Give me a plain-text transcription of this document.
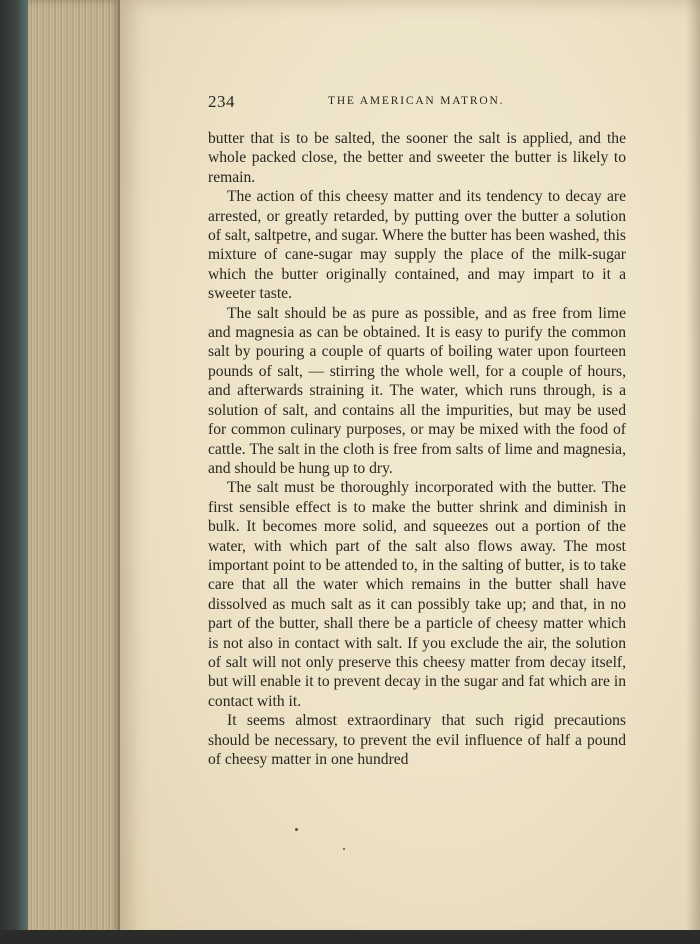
234	THE AMERICAN MATRON.

butter that is to be salted, the sooner the salt is applied, and the whole packed close, the better and sweeter the butter is likely to remain.

The action of this cheesy matter and its tendency to decay are arrested, or greatly retarded, by putting over the butter a solution of salt, saltpetre, and sugar. Where the butter has been washed, this mixture of cane-sugar may supply the place of the milk-sugar which the butter originally contained, and may impart to it a sweeter taste.

The salt should be as pure as possible, and as free from lime and magnesia as can be obtained. It is easy to purify the common salt by pouring a couple of quarts of boiling water upon fourteen pounds of salt, — stirring the whole well, for a couple of hours, and afterwards straining it. The water, which runs through, is a solution of salt, and contains all the impurities, but may be used for common culinary purposes, or may be mixed with the food of cattle. The salt in the cloth is free from salts of lime and magnesia, and should be hung up to dry.

The salt must be thoroughly incorporated with the butter. The first sensible effect is to make the butter shrink and diminish in bulk. It becomes more solid, and squeezes out a portion of the water, with which part of the salt also flows away. The most important point to be attended to, in the salting of butter, is to take care that all the water which remains in the butter shall have dissolved as much salt as it can possibly take up; and that, in no part of the butter, shall there be a particle of cheesy matter which is not also in contact with salt. If you exclude the air, the solution of salt will not only preserve this cheesy matter from decay itself, but will enable it to prevent decay in the sugar and fat which are in contact with it.

It seems almost extraordinary that such rigid precautions should be necessary, to prevent the evil influence of half a pound of cheesy matter in one hundred
